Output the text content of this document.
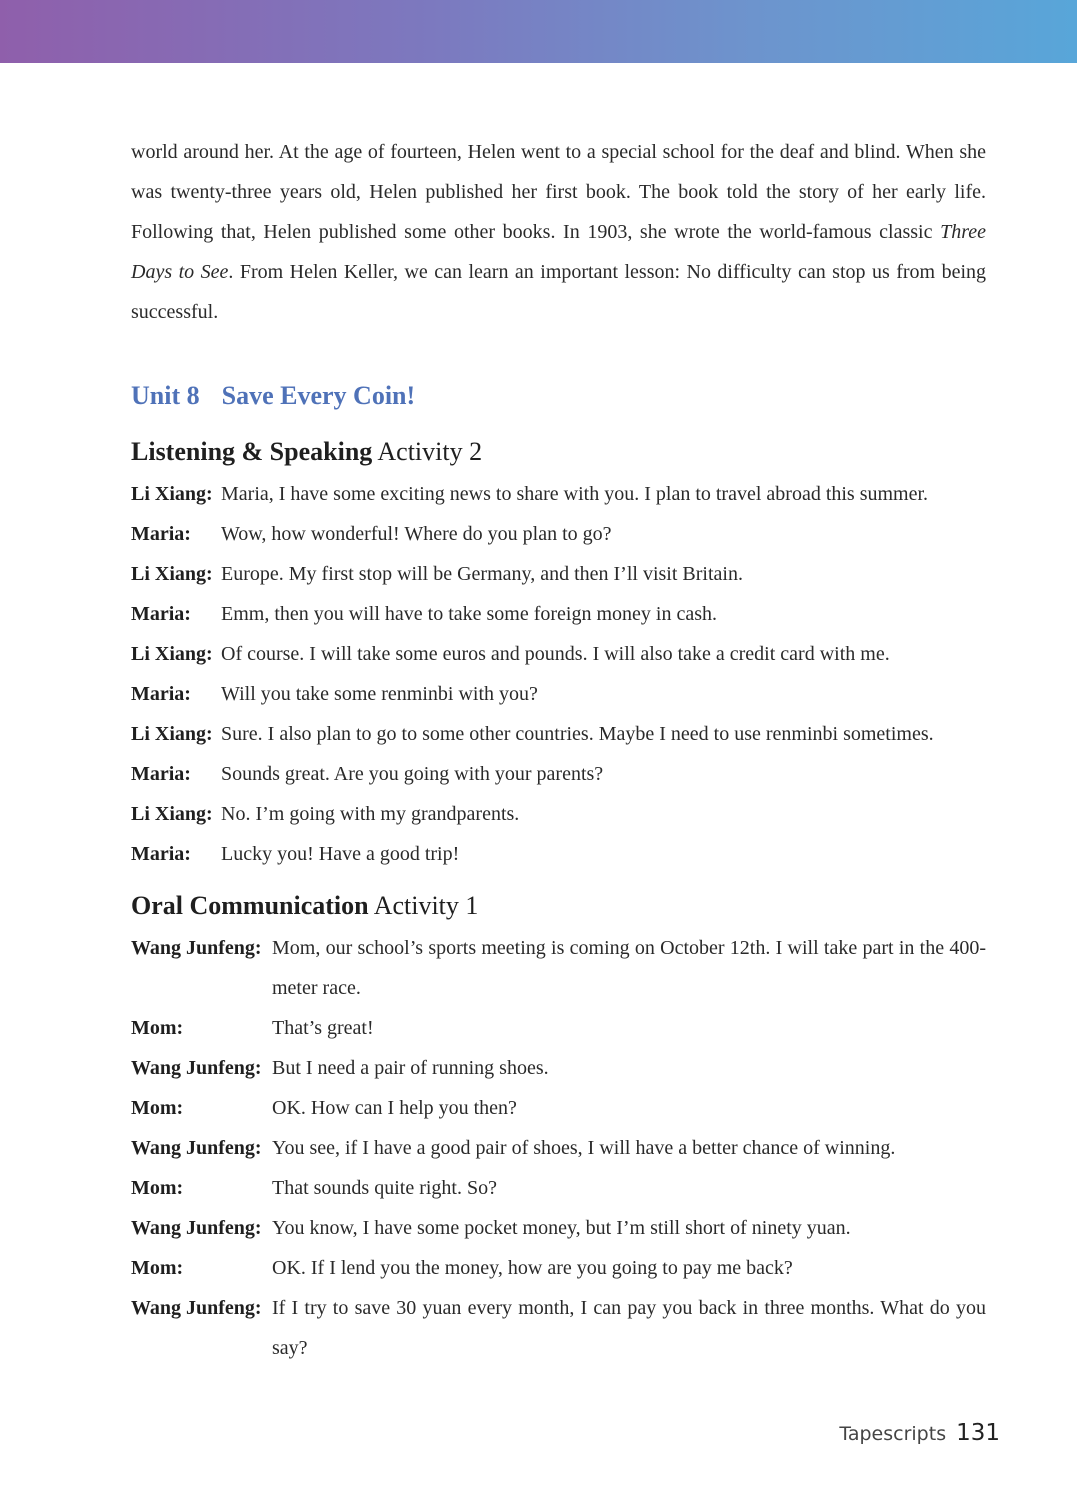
world around her. At the age of fourteen, Helen went to a special school for the deaf and blind. When she was twenty-three years old, Helen published her first book. The book told the story of her early life. Following that, Helen published some other books. In 1903, she wrote the world-famous classic Three Days to See. From Helen Keller, we can learn an important lesson: No difficulty can stop us from being successful.

Unit 8 Save Every Coin!
Listening & Speaking Activity 2
Li Xiang: Maria, I have some exciting news to share with you. I plan to travel abroad this summer.
Maria:	Wow, how wonderful! Where do you plan to go?
Li Xiang: Europe. My first stop will be Germany, and then I’ll visit Britain.
Maria:	Emm, then you will have to take some foreign money in cash.
Li Xiang: Of course. I will take some euros and pounds. I will also take a credit card with me.
Maria:	Will you take some renminbi with you?
Li Xiang: Sure. I also plan to go to some other countries. Maybe I need to use renminbi sometimes.
Maria:	Sounds great. Are you going with your parents?
Li Xiang: No. I’m going with my grandparents.
Maria:	Lucky you! Have a good trip!
Oral Communication Activity 1
Wang Junfeng: Mom, our school’s sports meeting is coming on October 12th. I will take part in the 400-meter race.
Mom:	That’s great!
Wang Junfeng: But I need a pair of running shoes.
Mom:	OK. How can I help you then?
Wang Junfeng: You see, if I have a good pair of shoes, I will have a better chance of winning.
Mom:	That sounds quite right. So?
Wang Junfeng: You know, I have some pocket money, but I’m still short of ninety yuan.
Mom:	OK. If I lend you the money, how are you going to pay me back?
Wang Junfeng: If I try to save 30 yuan every month, I can pay you back in three months. What do you say?
Tapescripts 131
